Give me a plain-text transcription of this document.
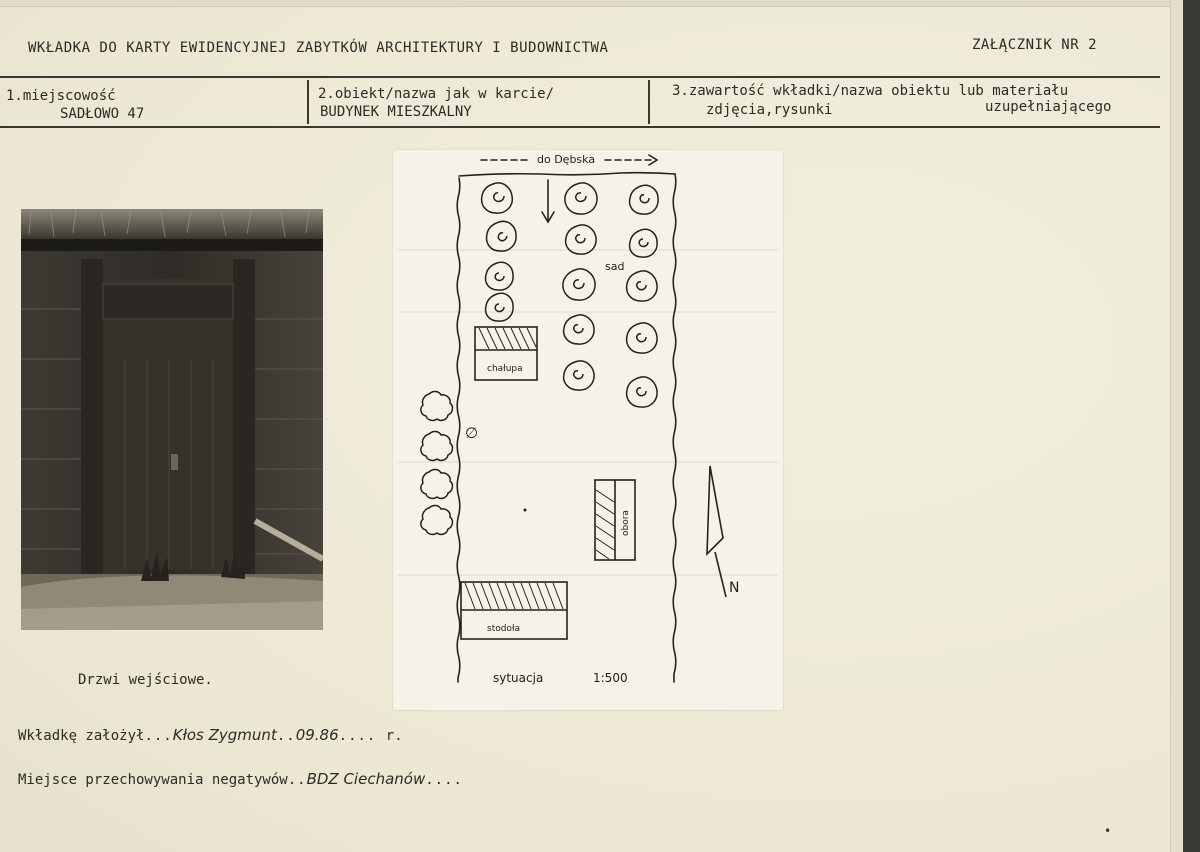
WKŁADKA DO KARTY EWIDENCYJNEJ ZABYTKÓW ARCHITEKTURY I BUDOWNICTWA	ZAŁĄCZNIK NR 2
1.miejscowość
SADŁOWO 47
2.obiekt/nazwa jak w karcie/
BUDYNEK MIESZKALNY
3.zawartość wkładki/nazwa obiektu lub materiału
zdjęcia,rysunki	uzupełniającego
Drzwi wejściowe.
do Dębska
sad
∅
chałupa
obora
stodoła
N
sytuacja	1:500
Wkładkę założył...Kłos Zygmunt..09.86.... r.
Miejsce przechowywania negatywów..BDZ Ciechanów....
•
